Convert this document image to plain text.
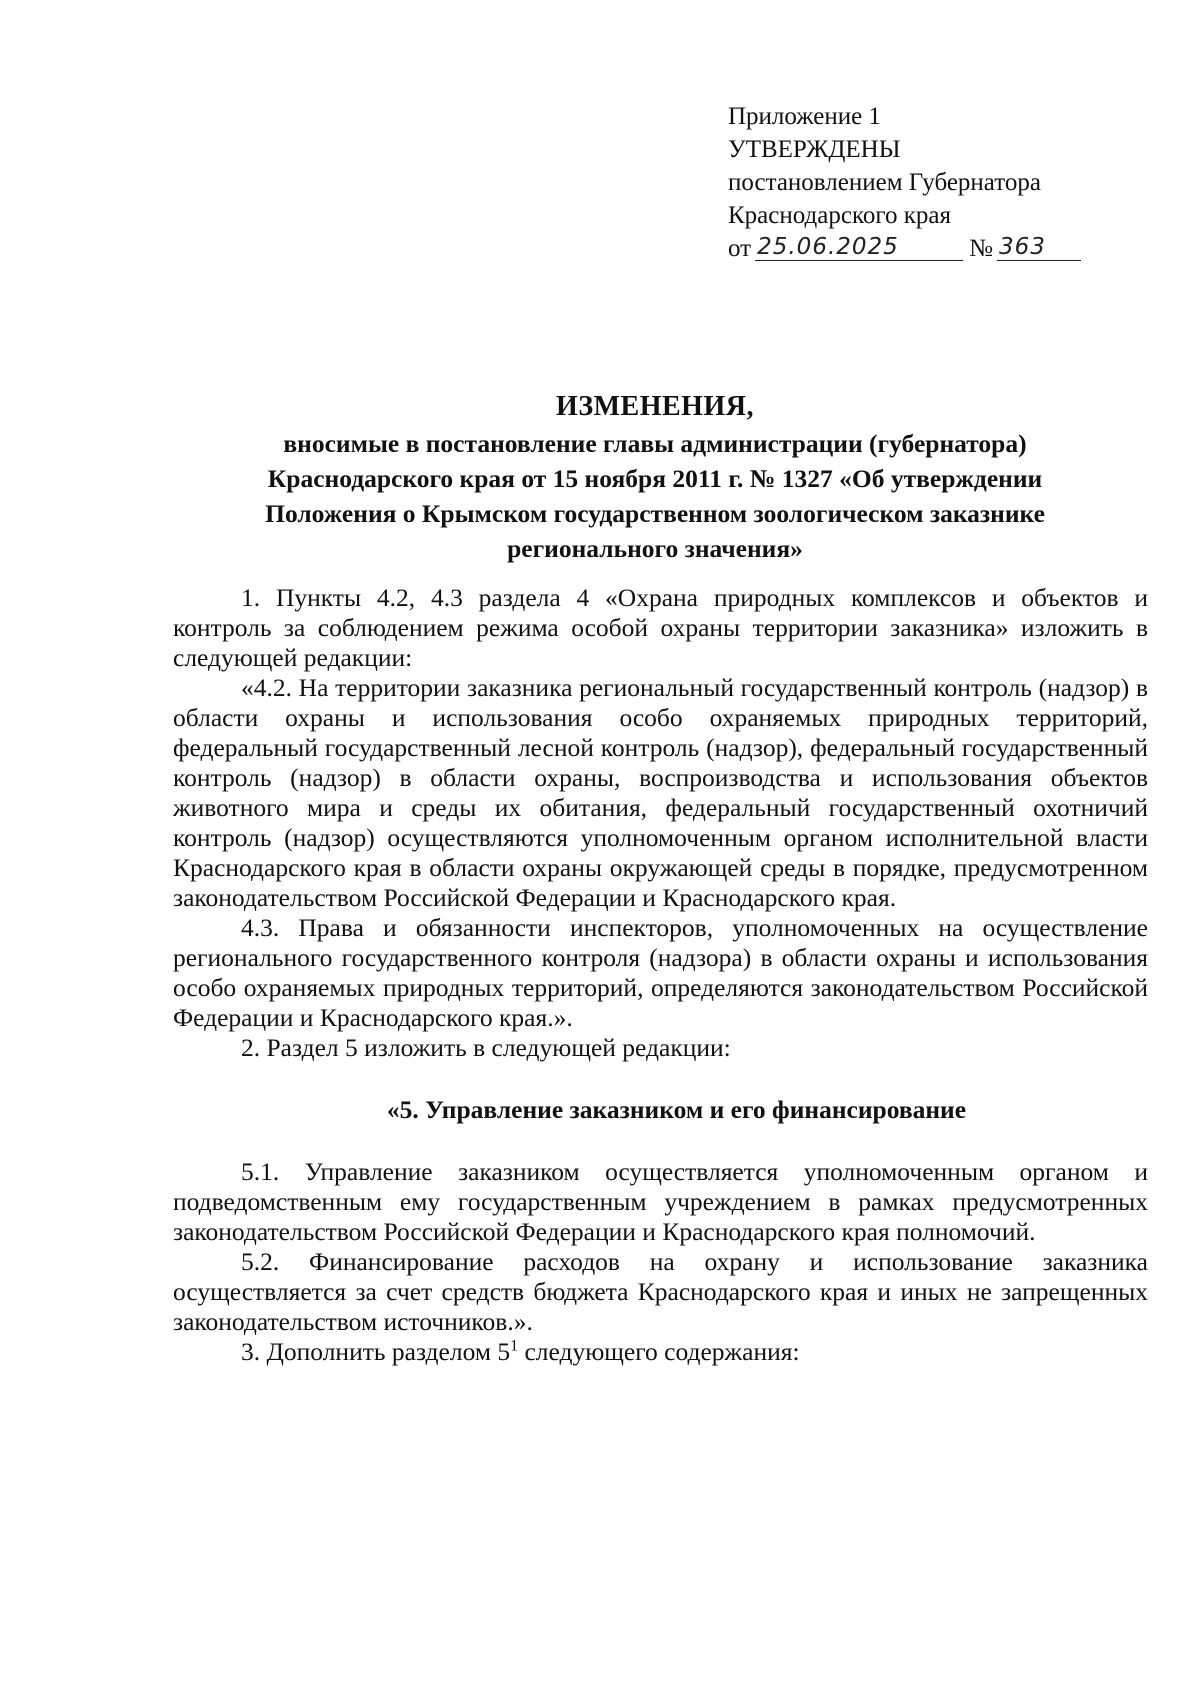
Приложение 1

УТВЕРЖДЕНЫ

постановлением Губернатора

Краснодарского края

от 25.06.2025	№ 363

ИЗМЕНЕНИЯ,

вносимые в постановление главы администрации (губернатора)

Краснодарского края от 15 ноября 2011 г. № 1327 «Об утверждении

Положения о Крымском государственном зоологическом заказнике

регионального значения»

1. Пункты 4.2, 4.3 раздела 4 «Охрана природных комплексов и объектов и контроль за соблюдением режима особой охраны территории заказника» изложить в следующей редакции:

«4.2. На территории заказника региональный государственный контроль (надзор) в области охраны и использования особо охраняемых природных территорий, федеральный государственный лесной контроль (надзор), федеральный государственный контроль (надзор) в области охраны, воспроизводства и использования объектов животного мира и среды их обитания, федеральный государственный охотничий контроль (надзор) осуществляются уполномоченным органом исполнительной власти Краснодарского края в области охраны окружающей среды в порядке, предусмотренном законодательством Российской Федерации и Краснодарского края.

4.3. Права и обязанности инспекторов, уполномоченных на осуществление регионального государственного контроля (надзора) в области охраны и использования особо охраняемых природных территорий, определяются законодательством Российской Федерации и Краснодарского края.».

2. Раздел 5 изложить в следующей редакции:

«5. Управление заказником и его финансирование

5.1. Управление заказником осуществляется уполномоченным органом и подведомственным ему государственным учреждением в рамках предусмотренных законодательством Российской Федерации и Краснодарского края полномочий.

5.2. Финансирование расходов на охрану и использование заказника осуществляется за счет средств бюджета Краснодарского края и иных не запрещенных законодательством источников.».

3. Дополнить разделом $5^1$ следующего содержания:
